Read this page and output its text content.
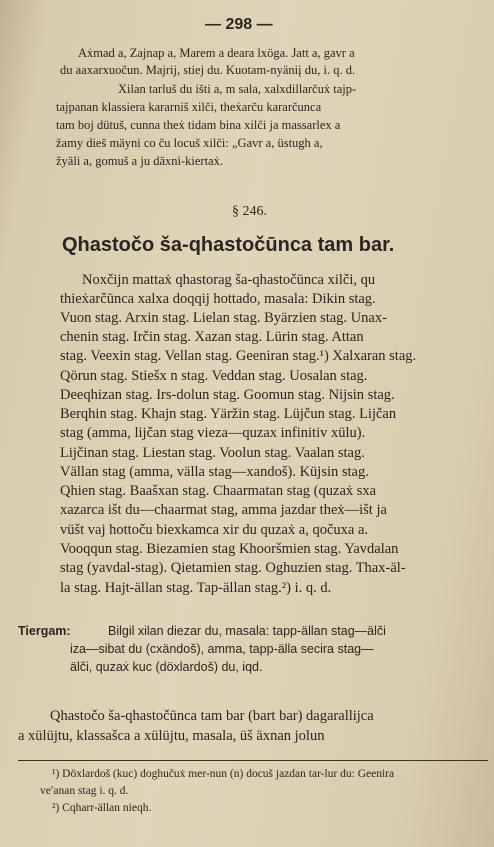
— 298 —
Aẋmad a, Zajnap a, Marem a deara lxöga. Jatt a, gavr a
du aaxarxuočun. Majrij, stiej du. Kuotam-nyäniį du, i. q. d.
Xilan tarluš du išti a, m sala, xalxdillarčuẋ tajp-
tajpanan klassiera kararniš xilči, theẋarču kararčunca
tam boj dütuš, cunna theẋ tidam bina xilči ja massarlex a
žamy dieš mäyni co ču locuš xilči: „Gavr a, üstugh a,
žyäli a, gomuš a ju däxni-kiertaẋ.
§ 246.
Qhastočo ša-qhastočūnca tam bar.
Noxčijn mattaẋ qhastorag ša-qhastočūnca xilči, qu
thieẋarčūnca xalxa doqqij hottado, masala: Dikin stag.
Vuon stag. Arxin stag. Lielan stag. Byärzien stag. Unax-
chenin stag. Irčin stag. Xazan stag. Lürin stag. Attan
stag. Veexin stag. Vellan stag. Geeniran stag.¹) Xalxaran stag.
Qörun stag. Stiešx n stag. Veddan stag. Uosalan stag.
Deeqhizan stag. Irs-dolun stag. Goomun stag. Nijsin stag.
Berqhin stag. Khajn stag. Yäržin stag. Lüjčun stag. Lijčan
stag (amma, lijčan stag vieza—quzax infinitiv xülu).
Lijčinan stag. Liestan stag. Voolun stag. Vaalan stag.
Vällan stag (amma, välla stag—xandoš). Küjsin stag.
Qhien stag. Baašxan stag. Chaarmatan stag (quzaẋ sxa
xazarca išt du—chaarmat stag, amma jazdar theẋ—išt ja
vüšt vaj hottoču biexkamca xir du quzaẋ a, qočuxa a.
Vooqqun stag. Biezamien stag Khooršmien stag. Yavdalan
stag (yavdal-stag). Qietamien stag. Oghuzien stag. Thax-äl-
la stag. Hajt-ällan stag. Tap-ällan stag.²) i. q. d.
Tiergam:	Bilgil xilan diezar du, masala: tapp-ällan stag—älči
iza—sibat du (cxändoš), amma, tapp-älla secira stag—
älči, quzaẋ kuc (döxlardoš) du, iqd.
Qhastočo ša-qhastočūnca tam bar (bart bar) dagarallijca
a xülüjtu, klassašca a xülüjtu, masala, üš äxnan jolun
¹) Döxlardoš (kuc) doghučuẋ mer-nun (n) docuš jazdan tar-lur du: Geenira
veʹanan stag i. q. d.
²) Cqharr-ällan nieqh.
